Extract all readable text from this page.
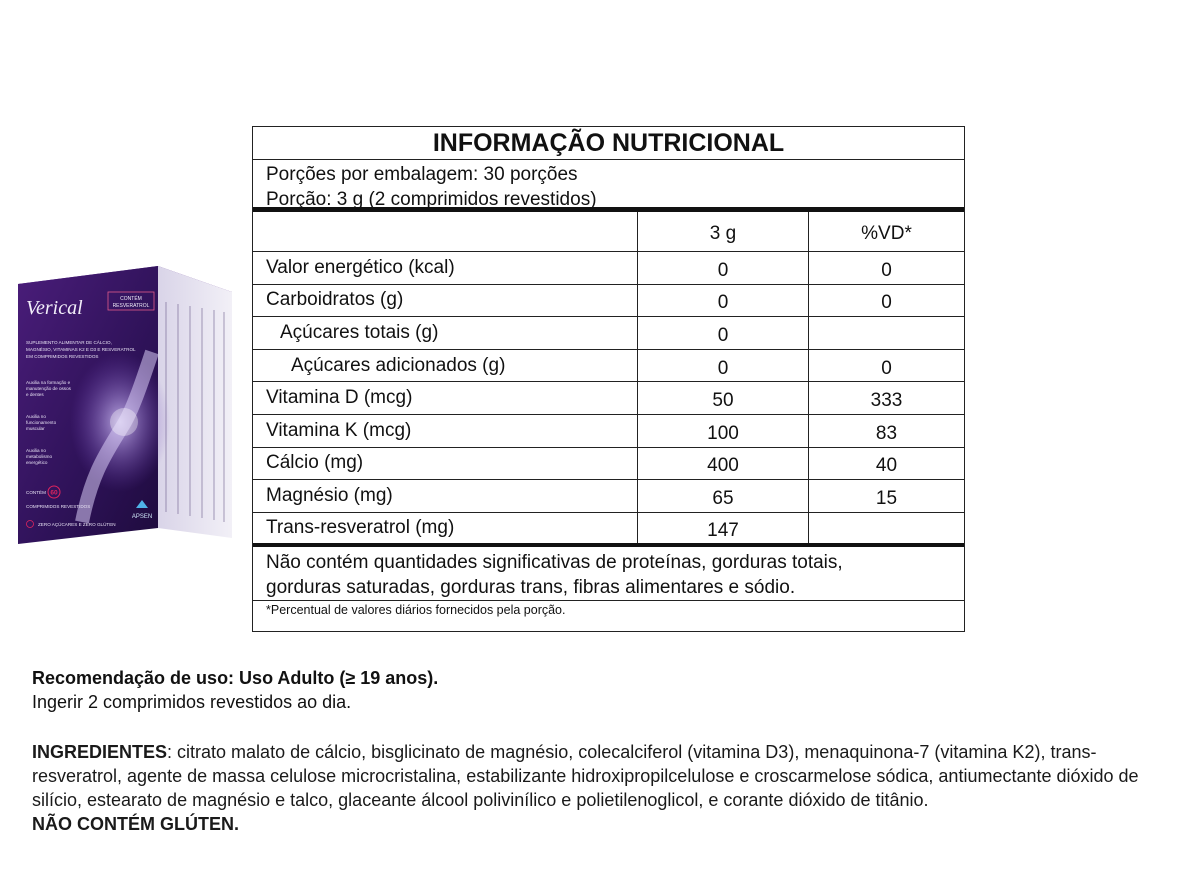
Verical	CONTÉM
RESVERATROL
SUPLEMENTO ALIMENTAR DE CÁLCIO,
MAGNÉSIO, VITAMINAS K2 E D3 E RESVERATROL
EM COMPRIMIDOS REVESTIDOS
Auxilia na formação e
manutenção de ossos
e dentes
Auxilia no
funcionamento
muscular
Auxilia no
metabolismo
energético
CONTÉM
COMPRIMIDOS REVESTIDOS
ZERO AÇÚCARES E ZERO GLÚTEN
60
APSEN
INFORMAÇÃO NUTRICIONAL
Porções por embalagem: 30 porções
Porção: 3 g (2 comprimidos revestidos)
3 g	%VD*
Valor energético (kcal)	0	0
Carboidratos (g)	0	0
Açúcares totais (g)	0
Açúcares adicionados (g)	0	0
Vitamina D (mcg)	50	333
Vitamina K (mcg)	100	83
Cálcio (mg)	400	40
Magnésio (mg)	65	15
Trans-resveratrol (mg)	147
Não contém quantidades significativas de proteínas, gorduras totais,
gorduras saturadas, gorduras trans, fibras alimentares e sódio.
*Percentual de valores diários fornecidos pela porção.
Recomendação de uso: Uso Adulto (≥ 19 anos).
Ingerir 2 comprimidos revestidos ao dia.
INGREDIENTES: citrato malato de cálcio, bisglicinato de magnésio, colecalciferol (vitamina D3), menaquinona-7 (vitamina K2), trans-resveratrol, agente de massa celulose microcristalina, estabilizante hidroxipropilcelulose e croscarmelose sódica, antiumectante dióxido de silício, estearato de magnésio e talco, glaceante álcool polivinílico e polietilenoglicol, e corante dióxido de titânio.
NÃO CONTÉM GLÚTEN.
